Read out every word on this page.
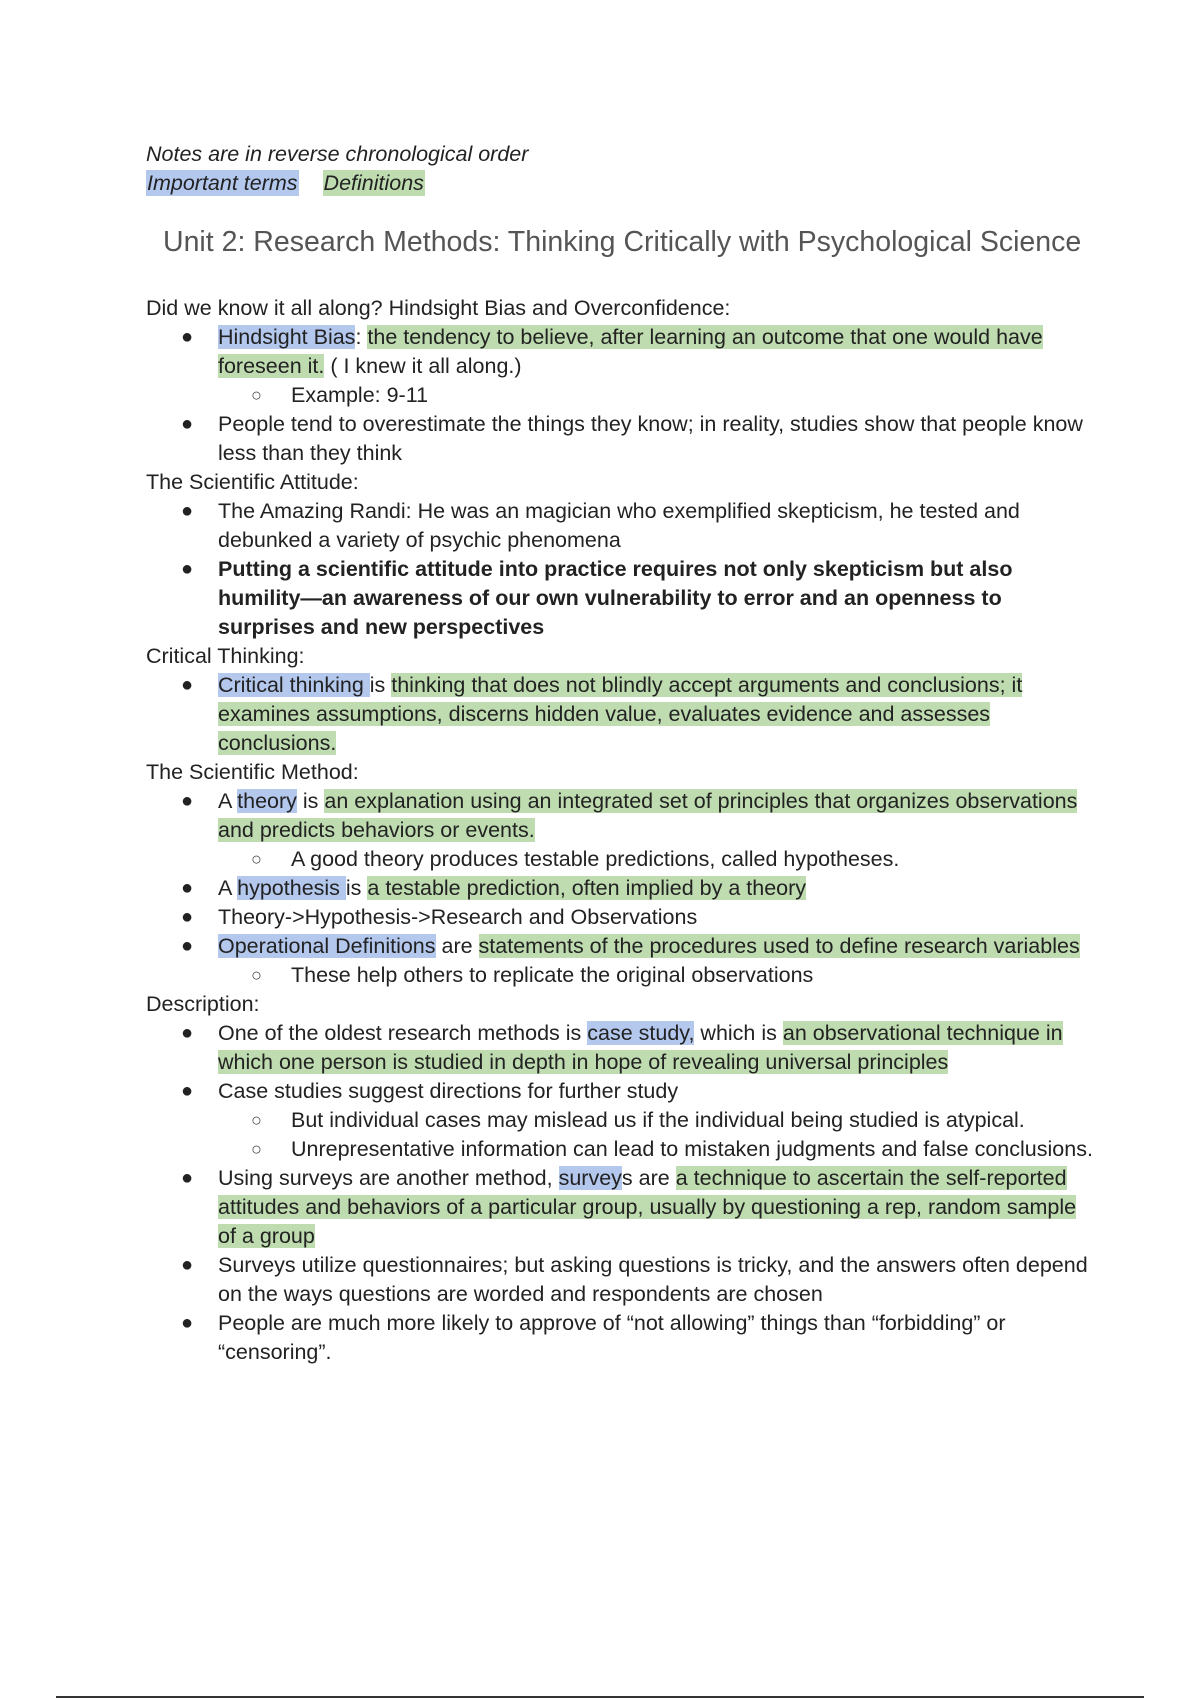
Notes are in reverse chronological order
Important terms Definitions
Unit 2: Research Methods: Thinking Critically with Psychological Science
Did we know it all along? Hindsight Bias and Overconfidence:
● Hindsight Bias: the tendency to believe, after learning an outcome that one would have foreseen it. ( I knew it all along.)
○ Example: 9-11
● People tend to overestimate the things they know; in reality, studies show that people know less than they think
The Scientific Attitude:
● The Amazing Randi: He was an magician who exemplified skepticism, he tested and debunked a variety of psychic phenomena
● Putting a scientific attitude into practice requires not only skepticism but also humility—an awareness of our own vulnerability to error and an openness to surprises and new perspectives
Critical Thinking:
● Critical thinking is thinking that does not blindly accept arguments and conclusions; it examines assumptions, discerns hidden value, evaluates evidence and assesses conclusions.
The Scientific Method:
● A theory is an explanation using an integrated set of principles that organizes observations and predicts behaviors or events.
○ A good theory produces testable predictions, called hypotheses.
● A hypothesis is a testable prediction, often implied by a theory
● Theory->Hypothesis->Research and Observations
● Operational Definitions are statements of the procedures used to define research variables
○ These help others to replicate the original observations
Description:
● One of the oldest research methods is case study, which is an observational technique in which one person is studied in depth in hope of revealing universal principles
● Case studies suggest directions for further study
○ But individual cases may mislead us if the individual being studied is atypical.
○ Unrepresentative information can lead to mistaken judgments and false conclusions.
● Using surveys are another method, surveys are a technique to ascertain the self-reported attitudes and behaviors of a particular group, usually by questioning a rep, random sample of a group
● Surveys utilize questionnaires; but asking questions is tricky, and the answers often depend on the ways questions are worded and respondents are chosen
● People are much more likely to approve of “not allowing” things than “forbidding” or “censoring”.
